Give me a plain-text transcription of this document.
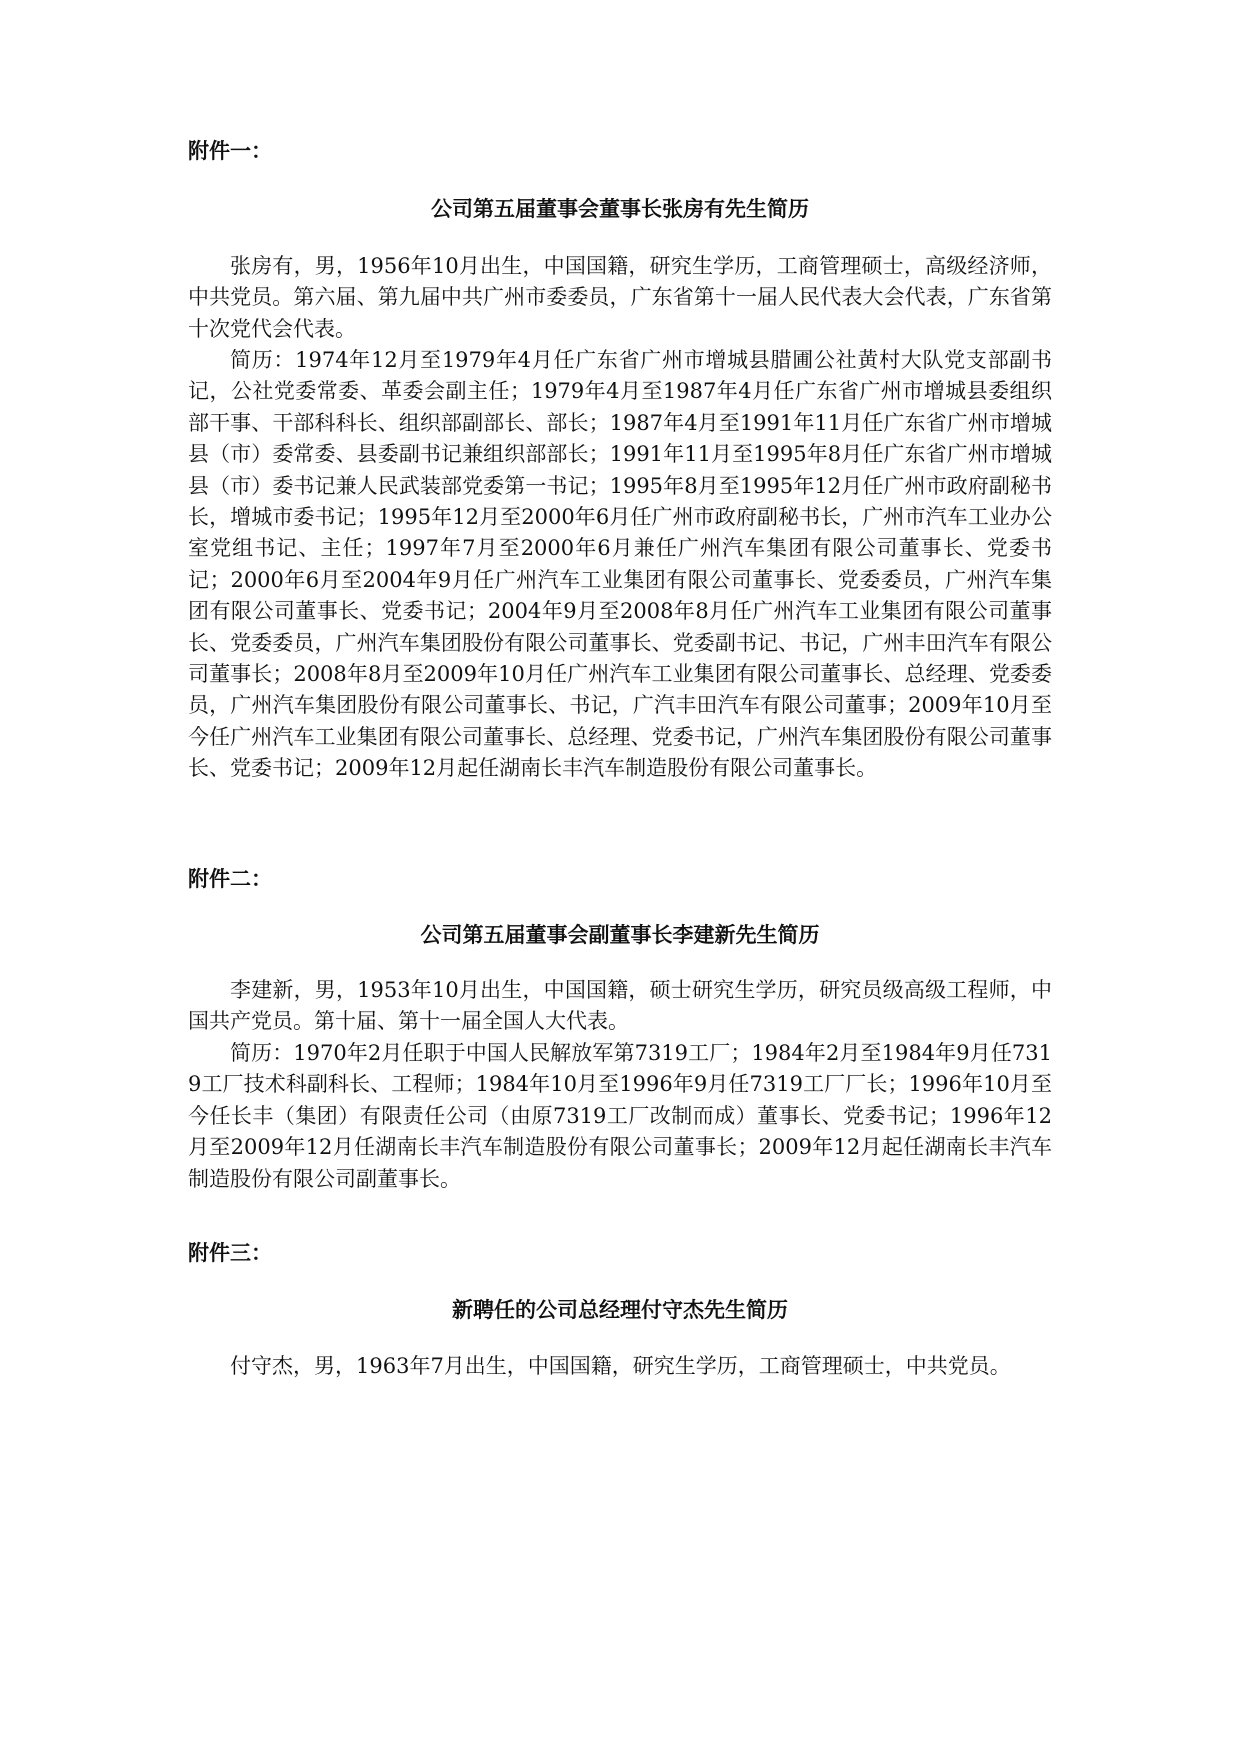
附件一：

公司第五届董事会董事长张房有先生简历

张房有，男，1956年10月出生，中国国籍，研究生学历，工商管理硕士，高级经济师，中共党员。第六届、第九届中共广州市委委员，广东省第十一届人民代表大会代表，广东省第十次党代会代表。

简历：1974年12月至1979年4月任广东省广州市增城县腊圃公社黄村大队党支部副书记，公社党委常委、革委会副主任；1979年4月至1987年4月任广东省广州市增城县委组织部干事、干部科科长、组织部副部长、部长；1987年4月至1991年11月任广东省广州市增城县（市）委常委、县委副书记兼组织部部长；1991年11月至1995年8月任广东省广州市增城县（市）委书记兼人民武装部党委第一书记；1995年8月至1995年12月任广州市政府副秘书长，增城市委书记；1995年12月至2000年6月任广州市政府副秘书长，广州市汽车工业办公室党组书记、主任；1997年7月至2000年6月兼任广州汽车集团有限公司董事长、党委书记；2000年6月至2004年9月任广州汽车工业集团有限公司董事长、党委委员，广州汽车集团有限公司董事长、党委书记；2004年9月至2008年8月任广州汽车工业集团有限公司董事长、党委委员，广州汽车集团股份有限公司董事长、党委副书记、书记，广州丰田汽车有限公司董事长；2008年8月至2009年10月任广州汽车工业集团有限公司董事长、总经理、党委委员，广州汽车集团股份有限公司董事长、书记，广汽丰田汽车有限公司董事；2009年10月至今任广州汽车工业集团有限公司董事长、总经理、党委书记，广州汽车集团股份有限公司董事长、党委书记；2009年12月起任湖南长丰汽车制造股份有限公司董事长。

附件二：

公司第五届董事会副董事长李建新先生简历

李建新，男，1953年10月出生，中国国籍，硕士研究生学历，研究员级高级工程师，中国共产党员。第十届、第十一届全国人大代表。

简历：1970年2月任职于中国人民解放军第7319工厂；1984年2月至1984年9月任7319工厂技术科副科长、工程师；1984年10月至1996年9月任7319工厂厂长；1996年10月至今任长丰（集团）有限责任公司（由原7319工厂改制而成）董事长、党委书记；1996年12月至2009年12月任湖南长丰汽车制造股份有限公司董事长；2009年12月起任湖南长丰汽车制造股份有限公司副董事长。

附件三：

新聘任的公司总经理付守杰先生简历

付守杰，男，1963年7月出生，中国国籍，研究生学历，工商管理硕士，中共党员。
